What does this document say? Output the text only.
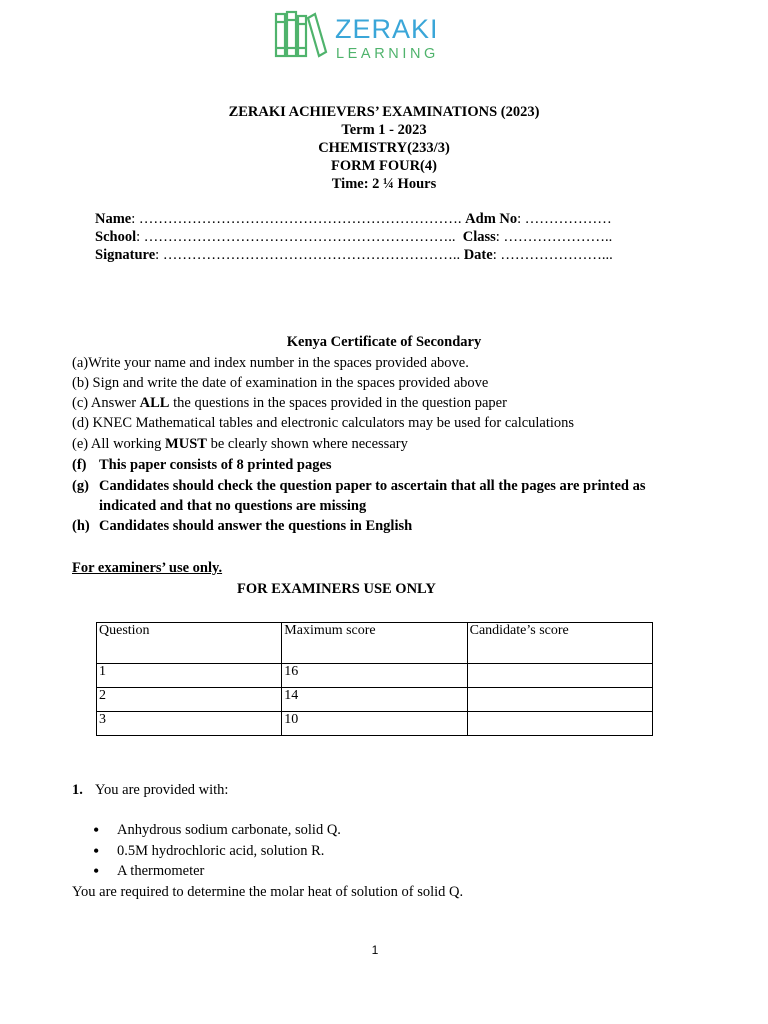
ZERAKI
LEARNING
ZERAKI ACHIEVERS’ EXAMINATIONS (2023)
Term 1 - 2023
CHEMISTRY(233/3)
FORM FOUR(4)
Time: 2 ¼ Hours
Name: …………………………………………………………. Adm No: ………………
School: ……………………………………………………….. Class: …………………..
Signature: …………………………………………………….. Date: …………………...
Kenya Certificate of Secondary
(a)Write your name and index number in the spaces provided above.
(b) Sign and write the date of examination in the spaces provided above
(c) Answer ALL the questions in the spaces provided in the question paper
(d) KNEC Mathematical tables and electronic calculators may be used for calculations
(e) All working MUST be clearly shown where necessary
(f) This paper consists of 8 printed pages
(g) Candidates should check the question paper to ascertain that all the pages are printed as
indicated and that no questions are missing
(h) Candidates should answer the questions in English
For examiners’ use only.
FOR EXAMINERS USE ONLY
Question	Maximum score	Candidate’s score
1	16	
2	14	
3	10	
1. You are provided with:
• Anhydrous sodium carbonate, solid Q.
• 0.5M hydrochloric acid, solution R.
• A thermometer
You are required to determine the molar heat of solution of solid Q.
1
